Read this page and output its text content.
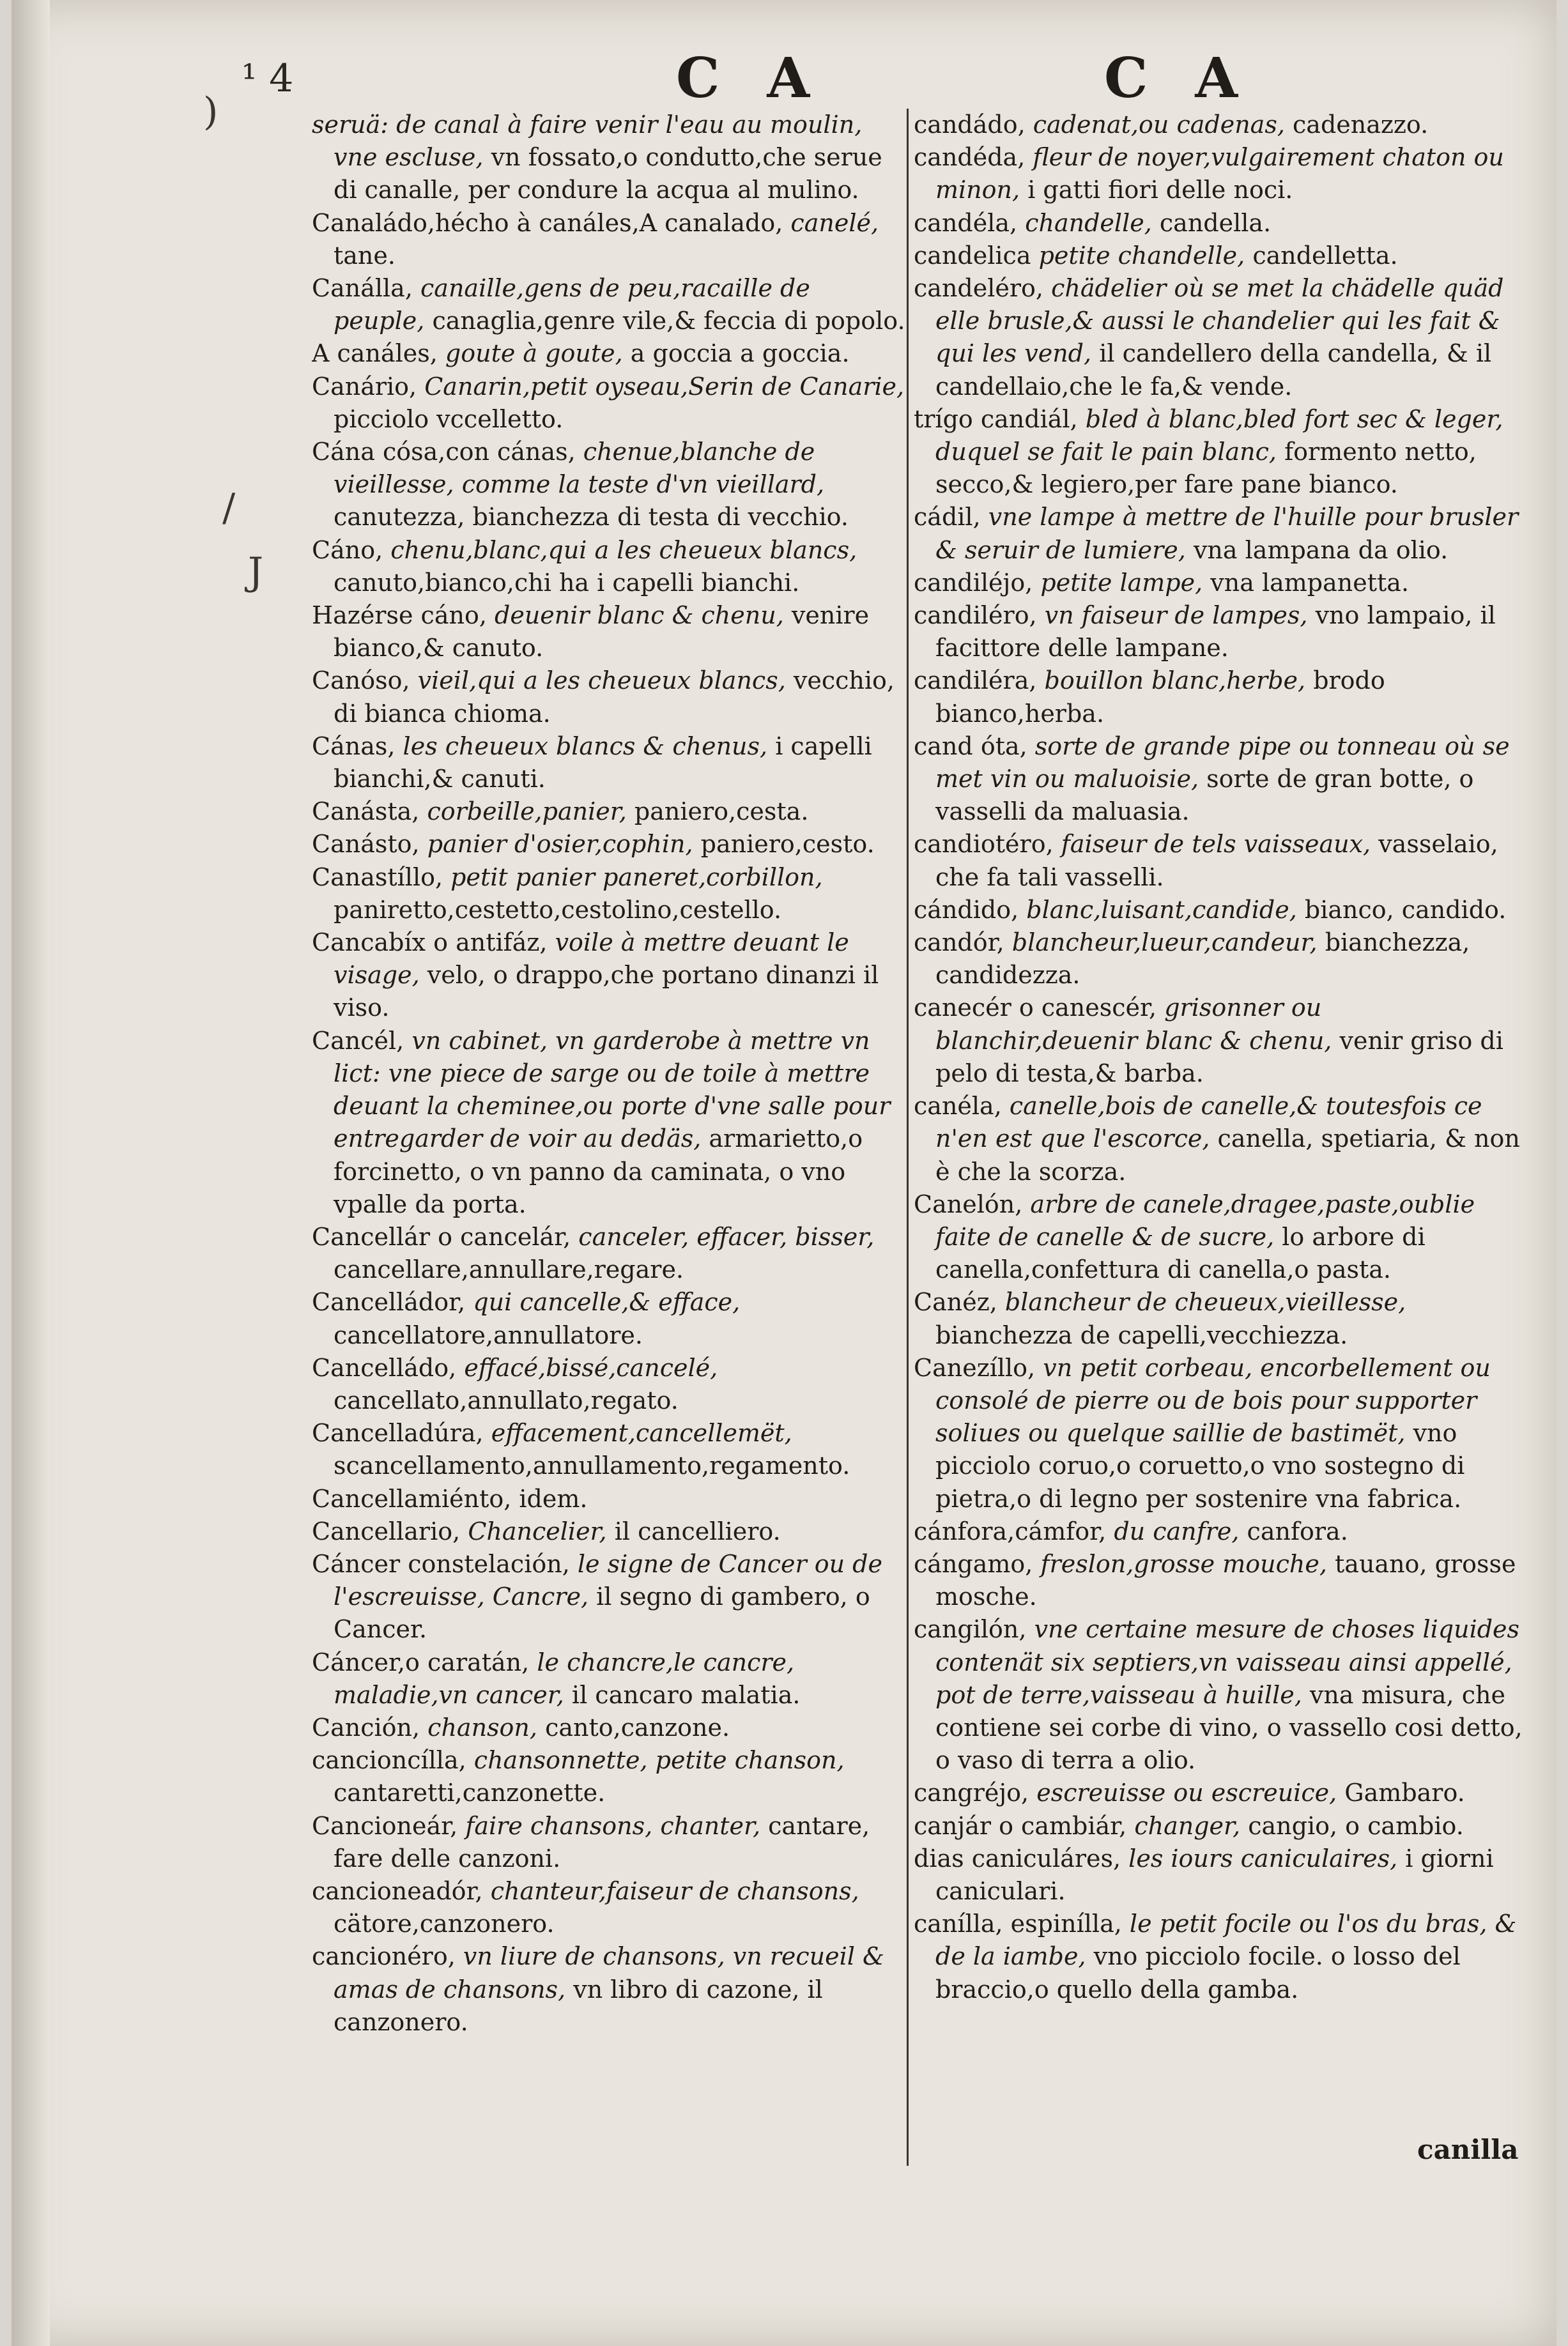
)
/
J
¹ 4	C A	C A
seruä: de canal à faire venir l'eau au moulin, vne escluse, vn fossato,o condutto,che serue di canalle, per condure la acqua al mulino.
Canaládo,hécho à canáles,A canalado, canelé, tane.
Canálla, canaille,gens de peu,racaille de peuple, canaglia,genre vile,& feccia di popolo.
A canáles, goute à goute, a goccia a goccia.
Canário, Canarin,petit oyseau,Serin de Canarie, picciolo vccelletto.
Cána cósa,con cánas, chenue,blanche de vieillesse, comme la teste d'vn vieillard, canutezza, bianchezza di testa di vecchio.
Cáno, chenu,blanc,qui a les cheueux blancs, canuto,bianco,chi ha i capelli bianchi.
Hazérse cáno, deuenir blanc & chenu, venire bianco,& canuto.
Canóso, vieil,qui a les cheueux blancs, vecchio, di bianca chioma.
Cánas, les cheueux blancs & chenus, i capelli bianchi,& canuti.
Canásta, corbeille,panier, paniero,cesta.
Canásto, panier d'osier,cophin, paniero,cesto.
Canastíllo, petit panier paneret,corbillon, paniretto,cestetto,cestolino,cestello.
Cancabíx o antifáz, voile à mettre deuant le visage, velo, o drappo,che portano dinanzi il viso.
Cancél, vn cabinet, vn garderobe à mettre vn lict: vne piece de sarge ou de toile à mettre deuant la cheminee,ou porte d'vne salle pour entregarder de voir au dedäs, armarietto,o forcinetto, o vn panno da caminata, o vno vpalle da porta.
Cancellár o cancelár, canceler, effacer, bisser, cancellare,annullare,regare.
Cancelládor, qui cancelle,& efface, cancellatore,annullatore.
Cancelládo, effacé,bissé,cancelé, cancellato,annullato,regato.
Cancelladúra, effacement,cancellemët, scancellamento,annullamento,regamento.
Cancellamiénto, idem.
Cancellario, Chancelier, il cancelliero.
Cáncer constelación, le signe de Cancer ou de l'escreuisse, Cancre, il segno di gambero, o Cancer.
Cáncer,o caratán, le chancre,le cancre, maladie,vn cancer, il cancaro malatia.
Canción, chanson, canto,canzone.
cancioncílla, chansonnette, petite chanson, cantaretti,canzonette.
Cancioneár, faire chansons, chanter, cantare, fare delle canzoni.
cancioneadór, chanteur,faiseur de chansons, cätore,canzonero.
cancionéro, vn liure de chansons, vn recueil & amas de chansons, vn libro di cazone, il canzonero.
candádo, cadenat,ou cadenas, cadenazzo.
candéda, fleur de noyer,vulgairement chaton ou minon, i gatti fiori delle noci.
candéla, chandelle, candella.
candelica petite chandelle, candelletta.
candeléro, chädelier où se met la chädelle quäd elle brusle,& aussi le chandelier qui les fait & qui les vend, il candellero della candella, & il candellaio,che le fa,& vende.
trígo candiál, bled à blanc,bled fort sec & leger, duquel se fait le pain blanc, formento netto, secco,& legiero,per fare pane bianco.
cádil, vne lampe à mettre de l'huille pour brusler & seruir de lumiere, vna lampana da olio.
candiléjo, petite lampe, vna lampanetta.
candiléro, vn faiseur de lampes, vno lampaio, il facittore delle lampane.
candiléra, bouillon blanc,herbe, brodo bianco,herba.
cand óta, sorte de grande pipe ou tonneau où se met vin ou maluoisie, sorte de gran botte, o vasselli da maluasia.
candiotéro, faiseur de tels vaisseaux, vasselaio, che fa tali vasselli.
cándido, blanc,luisant,candide, bianco, candido.
candór, blancheur,lueur,candeur, bianchezza, candidezza.
canecér o canescér, grisonner ou blanchir,deuenir blanc & chenu, venir griso di pelo di testa,& barba.
canéla, canelle,bois de canelle,& toutesfois ce n'en est que l'escorce, canella, spetiaria, & non è che la scorza.
Canelón, arbre de canele,dragee,paste,oublie faite de canelle & de sucre, lo arbore di canella,confettura di canella,o pasta.
Canéz, blancheur de cheueux,vieillesse, bianchezza de capelli,vecchiezza.
Canezíllo, vn petit corbeau, encorbellement ou consolé de pierre ou de bois pour supporter soliues ou quelque saillie de bastimët, vno picciolo coruo,o coruetto,o vno sostegno di pietra,o di legno per sostenire vna fabrica.
cánfora,cámfor, du canfre, canfora.
cángamo, freslon,grosse mouche, tauano, grosse mosche.
cangilón, vne certaine mesure de choses liquides contenät six septiers,vn vaisseau ainsi appellé, pot de terre,vaisseau à huille, vna misura, che contiene sei corbe di vino, o vassello cosi detto, o vaso di terra a olio.
cangréjo, escreuisse ou escreuice, Gambaro.
canjár o cambiár, changer, cangio, o cambio.
dias caniculáres, les iours caniculaires, i giorni caniculari.
canílla, espinílla, le petit focile ou l'os du bras, & de la iambe, vno picciolo focile. o losso del braccio,o quello della gamba.
canilla
